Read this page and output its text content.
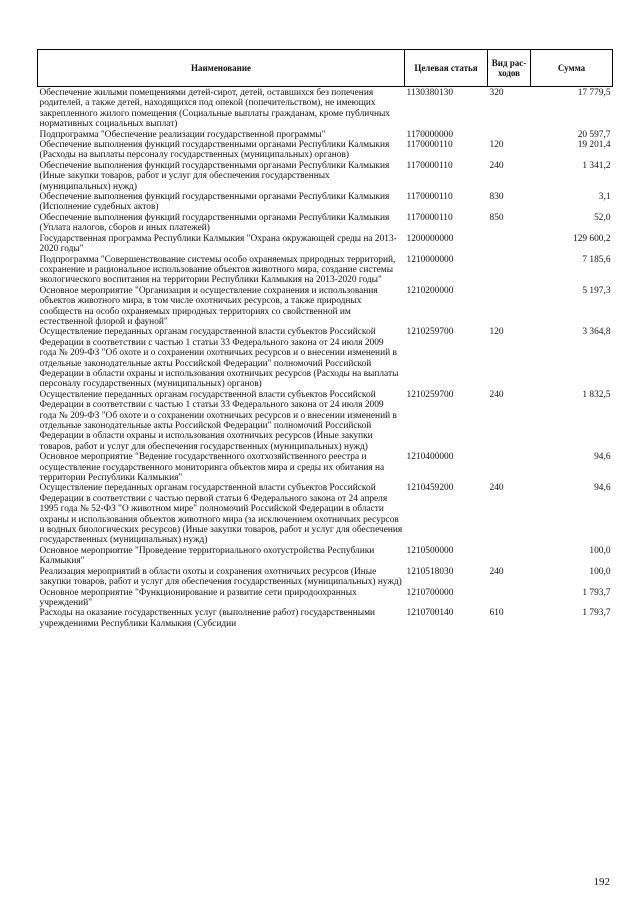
Наименование	Целевая статья	Вид рас-ходов	Сумма
Обеспечение жилыми помещениями детей-сирот, детей, оставшихся без попечения родителей, а также детей, находящихся под опекой (попечительством), не имеющих закрепленного жилого помещения (Социальные выплаты гражданам, кроме публичных нормативных социальных выплат)	1130380130	320	17 779,5
Подпрограмма "Обеспечение реализации государственной программы"	1170000000		20 597,7
Обеспечение выполнения функций государственными органами Республики Калмыкия (Расходы на выплаты персоналу государственных (муниципальных) органов)	1170000110	120	19 201,4
Обеспечение выполнения функций государственными органами Республики Калмыкия (Иные закупки товаров, работ и услуг для обеспечения государственных (муниципальных) нужд)	1170000110	240	1 341,2
Обеспечение выполнения функций государственными органами Республики Калмыкия (Исполнение судебных актов)	1170000110	830	3,1
Обеспечение выполнения функций государственными органами Республики Калмыкия (Уплата налогов, сборов и иных платежей)	1170000110	850	52,0
Государственная программа Республики Калмыкия "Охрана окружающей среды на 2013-2020 годы"	1200000000		129 600,2
Подпрограмма "Совершенствование системы особо охраняемых природных территорий, сохранение и рациональное использование объектов животного мира, создание системы экологического воспитания на территории Республики Калмыкия на 2013-2020 годы"	1210000000		7 185,6
Основное мероприятие "Организация и осуществление сохранения и использования объектов животного мира, в том числе охотничьих ресурсов, а также природных сообществ на особо охраняемых природных территориях со свойственной им естественной флорой и фауной"	1210200000		5 197,3
Осуществление переданных органам государственной власти субъектов Российской Федерации в соответствии с частью 1 статьи 33 Федерального закона от 24 июля 2009 года № 209-ФЗ "Об охоте и о сохранении охотничьих ресурсов и о внесении изменений в отдельные законодательные акты Российской Федерации" полномочий Российской Федерации в области охраны и использования охотничьих ресурсов (Расходы на выплаты персоналу государственных (муниципальных) органов)	1210259700	120	3 364,8
Осуществление переданных органам государственной власти субъектов Российской Федерации в соответствии с частью 1 статьи 33 Федерального закона от 24 июля 2009 года № 209-ФЗ "Об охоте и о сохранении охотничьих ресурсов и о внесении изменений в отдельные законодательные акты Российской Федерации" полномочий Российской Федерации в области охраны и использования охотничьих ресурсов (Иные закупки товаров, работ и услуг для обеспечения государственных (муниципальных) нужд)	1210259700	240	1 832,5
Основное мероприятие "Ведение государственного охотхозяйственного реестра и осуществление государственного мониторинга объектов мира и среды их обитания на территории Республики Калмыкия"	1210400000		94,6
Осуществление переданных органам государственной власти субъектов Российской Федерации в соответствии с частью первой статьи 6 Федерального закона от 24 апреля 1995 года № 52-ФЗ "О животном мире" полномочий Российской Федерации в области охраны и использования объектов животного мира (за исключением охотничьих ресурсов и водных биологических ресурсов) (Иные закупки товаров, работ и услуг для обеспечения государственных (муниципальных) нужд)	1210459200	240	94,6
Основное мероприятие "Проведение территориального охотустройства Республики Калмыкия"	1210500000		100,0
Реализация мероприятий в области охоты и сохранения охотничьих ресурсов (Иные закупки товаров, работ и услуг для обеспечения государственных (муниципальных) нужд)	1210518030	240	100,0
Основное мероприятие "Функционирование и развитие сети природоохранных учреждений"	1210700000		1 793,7
Расходы на оказание государственных услуг (выполнение работ) государственными учреждениями Республики Калмыкия (Субсидии	1210700140	610	1 793,7
192
